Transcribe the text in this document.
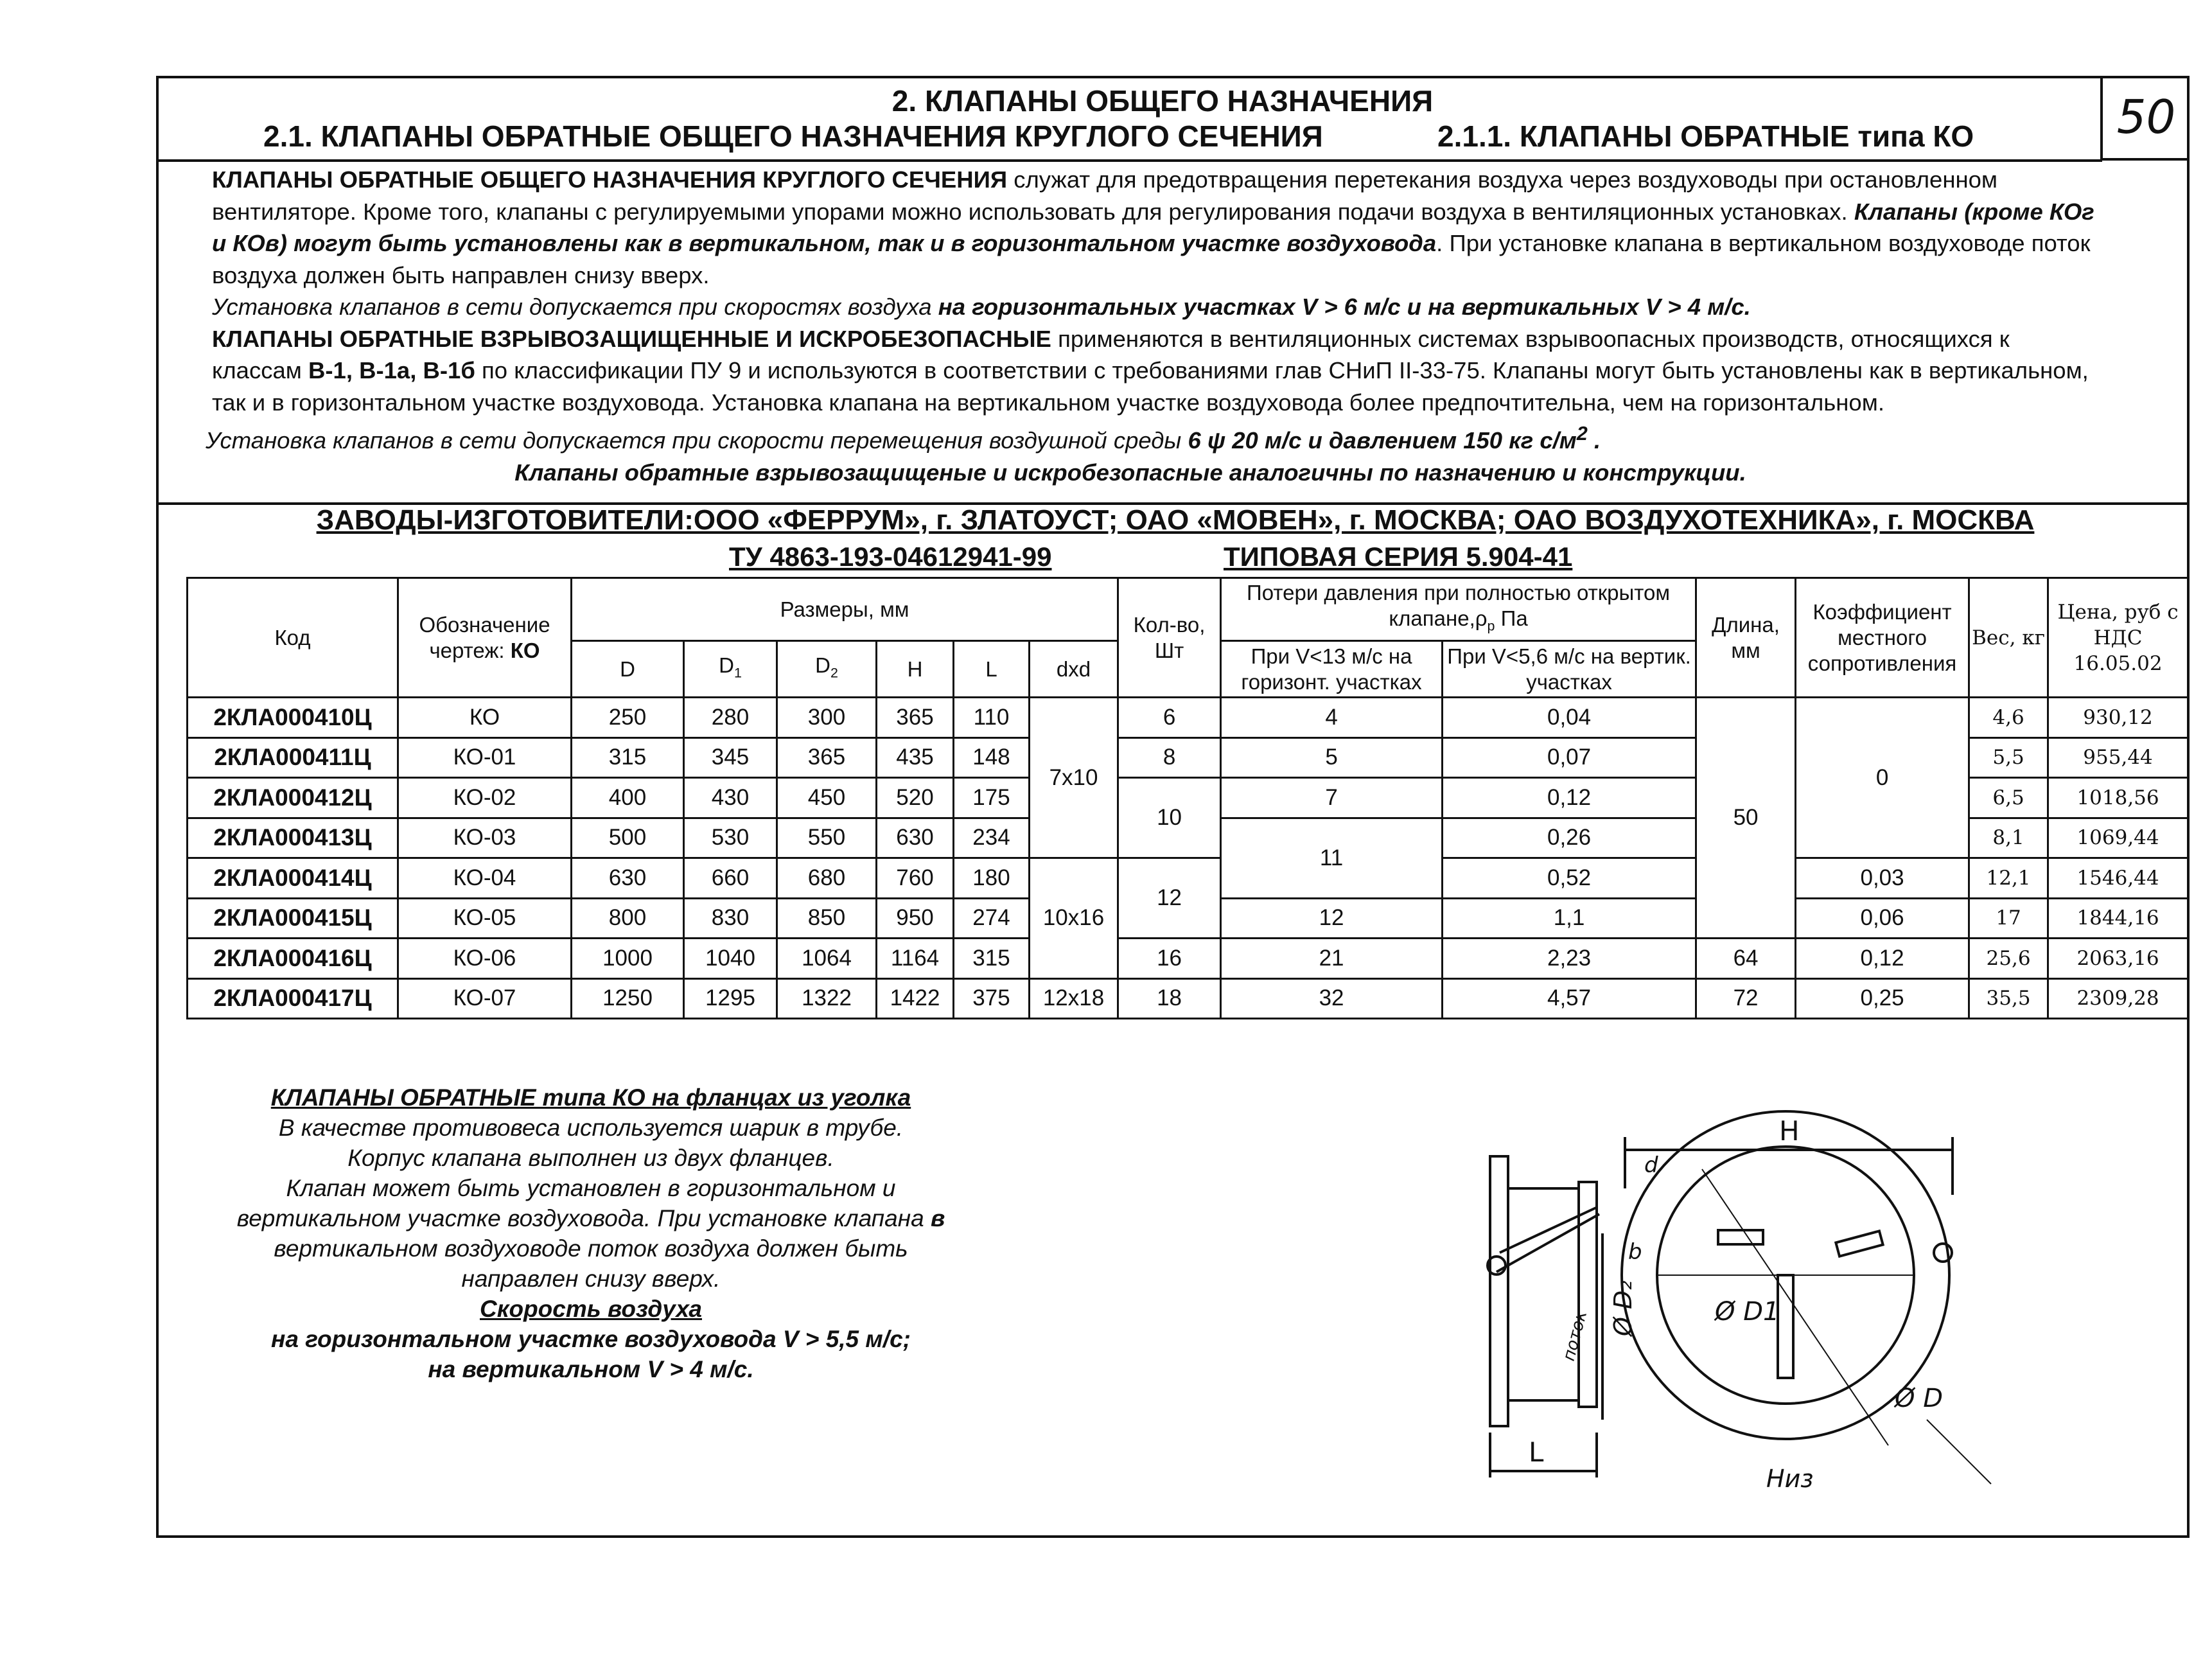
50
2. КЛАПАНЫ ОБЩЕГО НАЗНАЧЕНИЯ
2.1. КЛАПАНЫ ОБРАТНЫЕ ОБЩЕГО НАЗНАЧЕНИЯ КРУГЛОГО СЕЧЕНИЯ	2.1.1. КЛАПАНЫ ОБРАТНЫЕ типа КО

КЛАПАНЫ ОБРАТНЫЕ ОБЩЕГО НАЗНАЧЕНИЯ КРУГЛОГО СЕЧЕНИЯ служат для предотвращения перетекания воздуха через воздуховоды при остановленном вентиляторе. Кроме того, клапаны с регулируемыми упорами можно использовать для регулирования подачи воздуха в вентиляционных установках. Клапаны (кроме КОг и КОв) могут быть установлены как в вертикальном, так и в горизонтальном участке воздуховода. При установке клапана в вертикальном воздуховоде поток воздуха должен быть направлен снизу вверх.

Установка клапанов в сети допускается при скоростях воздуха на горизонтальных участках V > 6 м/с и на вертикальных V > 4 м/с.

КЛАПАНЫ ОБРАТНЫЕ ВЗРЫВОЗАЩИЩЕННЫЕ И ИСКРОБЕЗОПАСНЫЕ применяются в вентиляционных системах взрывоопасных производств, относящихся к классам В-1, В-1а, В-1б по классификации ПУ 9 и используются в соответствии с требованиями глав СНиП II-33-75. Клапаны могут быть установлены как в вертикальном, так и в горизонтальном участке воздуховода. Установка клапана на вертикальном участке воздуховода более предпочтительна, чем на горизонтальном.

Установка клапанов в сети допускается при скорости перемещения воздушной среды 6 ψ 20 м/с и давлением 150 кг $с/м^2$ .

Клапаны обратные взрывозащищеные и искробезопасные аналогичны по назначению и конструкции.

ЗАВОДЫ-ИЗГОТОВИТЕЛИ:ООО «ФЕРРУМ», г. ЗЛАТОУСТ; ОАО «МОВЕН», г. МОСКВА; ОАО ВОЗДУХОТЕХНИКА», г. МОСКВА
ТУ 4863-193-04612941-99	ТИПОВАЯ СЕРИЯ 5.904-41
Код	Обозначение чертеж: КО	Размеры, мм						Кол-во, Шт	Потери давления при полностью открытом $клапане,\rho_р$ Па		Длина, мм	Коэффициент местного сопротивления	Вес, кг	Цена, руб с НДС 16.05.02
		D	$D_1$	$D_2$	H	L	dxd		При V<13 м/с на горизонт. участках	При V<5,6 м/с на вертик. участках				
2КЛА000410Ц	КО	250	280	300	365	110	7x10	6	4	0,04	50	0	4,6	930,12
2КЛА000411Ц	КО-01	315	345	365	435	148		8	5	0,07			5,5	955,44
2КЛА000412Ц	КО-02	400	430	450	520	175		10	7	0,12			6,5	1018,56
2КЛА000413Ц	КО-03	500	530	550	630	234			11	0,26			8,1	1069,44
2КЛА000414Ц	КО-04	630	660	680	760	180	10x16	12		0,52		0,03	12,1	1546,44
2КЛА000415Ц	КО-05	800	830	850	950	274			12	1,1		0,06	17	1844,16
2КЛА000416Ц	КО-06	1000	1040	1064	1164	315		16	21	2,23	64	0,12	25,6	2063,16
2КЛА000417Ц	КО-07	1250	1295	1322	1422	375	12x18	18	32	4,57	72	0,25	35,5	2309,28

КЛАПАНЫ ОБРАТНЫЕ типа КО на фланцах из уголка

В качестве противовеса используется шарик в трубе.

Корпус клапана выполнен из двух фланцев.

Клапан может быть установлен в горизонтальном и

вертикальном участке воздуховода. При установке клапана в

вертикальном воздуховоде поток воздуха должен быть

направлен снизу вверх.

Скорость воздуха

на горизонтальном участке воздуховода V > 5,5 м/с;

на вертикальном V > 4 м/с.

L
Ø D₂
b
d
поток
H
Ø D1
Ø D
Низ
